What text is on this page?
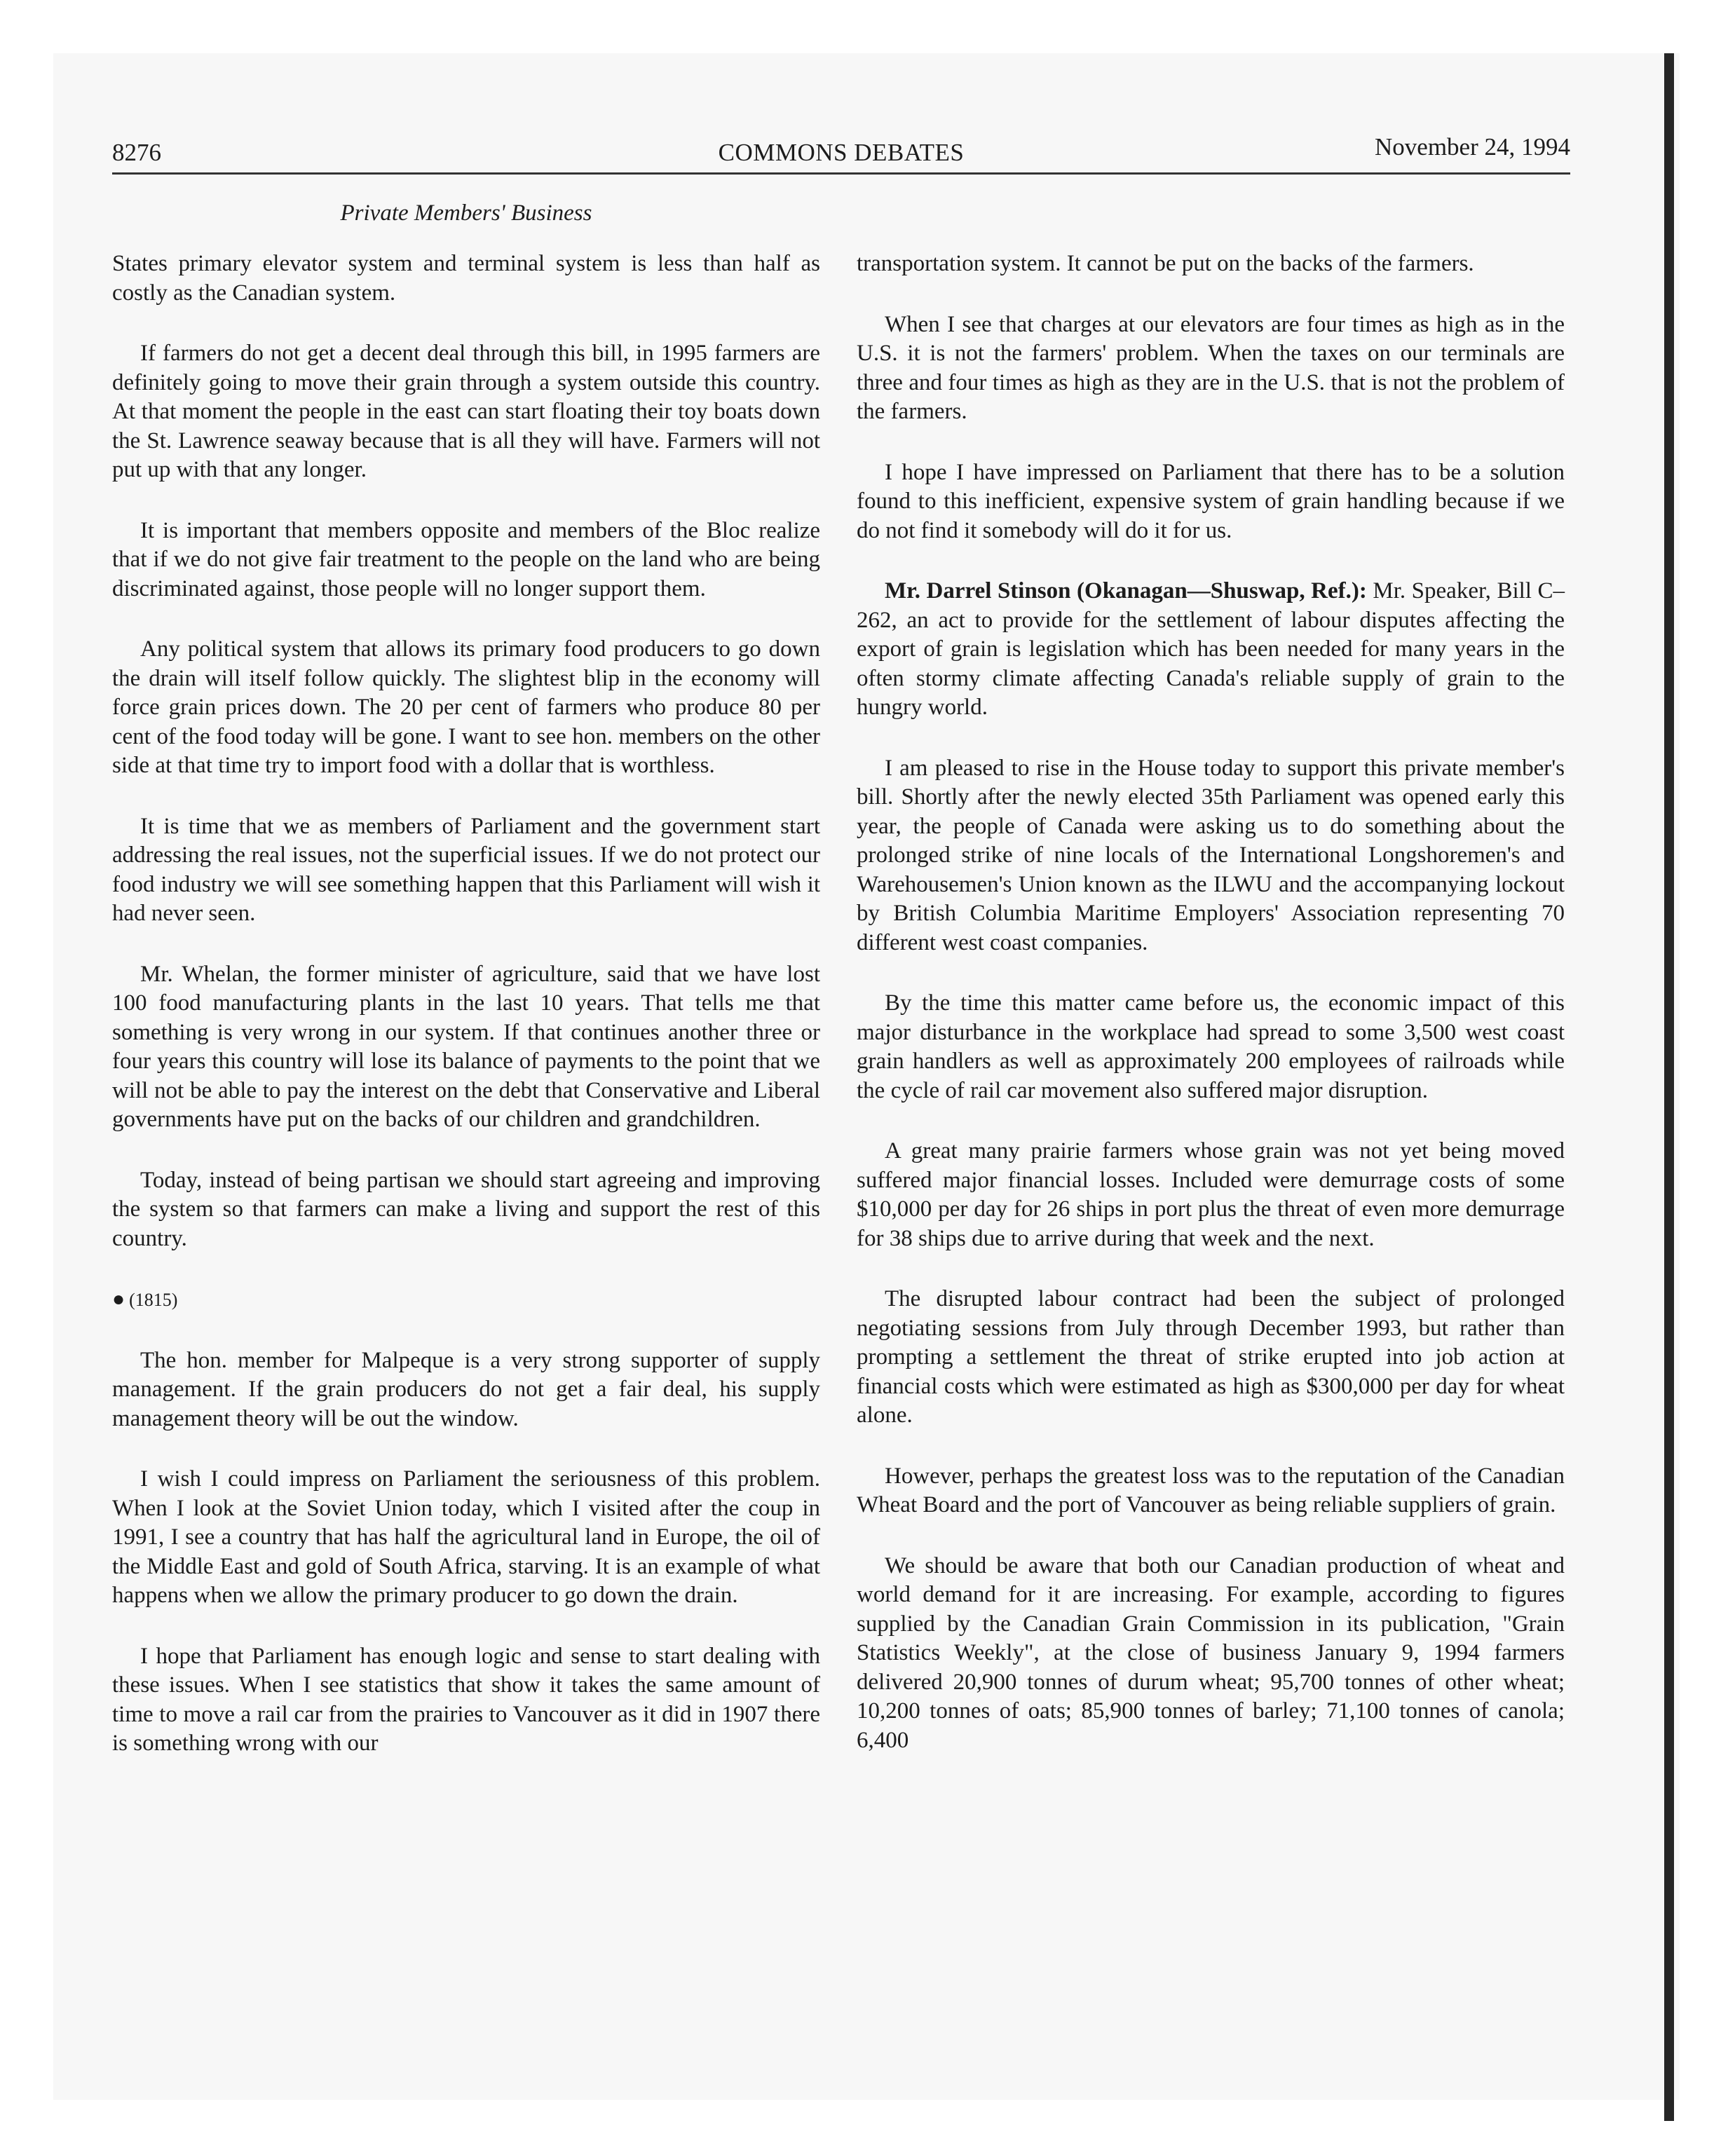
8276	COMMONS DEBATES	November 24, 1994
Private Members' Business

States primary elevator system and terminal system is less than half as costly as the Canadian system.

If farmers do not get a decent deal through this bill, in 1995 farmers are definitely going to move their grain through a system outside this country. At that moment the people in the east can start floating their toy boats down the St. Lawrence seaway because that is all they will have. Farmers will not put up with that any longer.

It is important that members opposite and members of the Bloc realize that if we do not give fair treatment to the people on the land who are being discriminated against, those people will no longer support them.

Any political system that allows its primary food producers to go down the drain will itself follow quickly. The slightest blip in the economy will force grain prices down. The 20 per cent of farmers who produce 80 per cent of the food today will be gone. I want to see hon. members on the other side at that time try to import food with a dollar that is worthless.

It is time that we as members of Parliament and the government start addressing the real issues, not the superficial issues. If we do not protect our food industry we will see something happen that this Parliament will wish it had never seen.

Mr. Whelan, the former minister of agriculture, said that we have lost 100 food manufacturing plants in the last 10 years. That tells me that something is very wrong in our system. If that continues another three or four years this country will lose its balance of payments to the point that we will not be able to pay the interest on the debt that Conservative and Liberal governments have put on the backs of our children and grandchildren.

Today, instead of being partisan we should start agreeing and improving the system so that farmers can make a living and support the rest of this country.

● (1815)

The hon. member for Malpeque is a very strong supporter of supply management. If the grain producers do not get a fair deal, his supply management theory will be out the window.

I wish I could impress on Parliament the seriousness of this problem. When I look at the Soviet Union today, which I visited after the coup in 1991, I see a country that has half the agricultural land in Europe, the oil of the Middle East and gold of South Africa, starving. It is an example of what happens when we allow the primary producer to go down the drain.

I hope that Parliament has enough logic and sense to start dealing with these issues. When I see statistics that show it takes the same amount of time to move a rail car from the prairies to Vancouver as it did in 1907 there is something wrong with our

transportation system. It cannot be put on the backs of the farmers.

When I see that charges at our elevators are four times as high as in the U.S. it is not the farmers' problem. When the taxes on our terminals are three and four times as high as they are in the U.S. that is not the problem of the farmers.

I hope I have impressed on Parliament that there has to be a solution found to this inefficient, expensive system of grain handling because if we do not find it somebody will do it for us.

Mr. Darrel Stinson (Okanagan—Shuswap, Ref.): Mr. Speaker, Bill C–262, an act to provide for the settlement of labour disputes affecting the export of grain is legislation which has been needed for many years in the often stormy climate affecting Canada's reliable supply of grain to the hungry world.

I am pleased to rise in the House today to support this private member's bill. Shortly after the newly elected 35th Parliament was opened early this year, the people of Canada were asking us to do something about the prolonged strike of nine locals of the International Longshoremen's and Warehousemen's Union known as the ILWU and the accompanying lockout by British Columbia Maritime Employers' Association representing 70 different west coast companies.

By the time this matter came before us, the economic impact of this major disturbance in the workplace had spread to some 3,500 west coast grain handlers as well as approximately 200 employees of railroads while the cycle of rail car movement also suffered major disruption.

A great many prairie farmers whose grain was not yet being moved suffered major financial losses. Included were demurrage costs of some $10,000 per day for 26 ships in port plus the threat of even more demurrage for 38 ships due to arrive during that week and the next.

The disrupted labour contract had been the subject of prolonged negotiating sessions from July through December 1993, but rather than prompting a settlement the threat of strike erupted into job action at financial costs which were estimated as high as $300,000 per day for wheat alone.

However, perhaps the greatest loss was to the reputation of the Canadian Wheat Board and the port of Vancouver as being reliable suppliers of grain.

We should be aware that both our Canadian production of wheat and world demand for it are increasing. For example, according to figures supplied by the Canadian Grain Commission in its publication, "Grain Statistics Weekly", at the close of business January 9, 1994 farmers delivered 20,900 tonnes of durum wheat; 95,700 tonnes of other wheat; 10,200 tonnes of oats; 85,900 tonnes of barley; 71,100 tonnes of canola; 6,400
